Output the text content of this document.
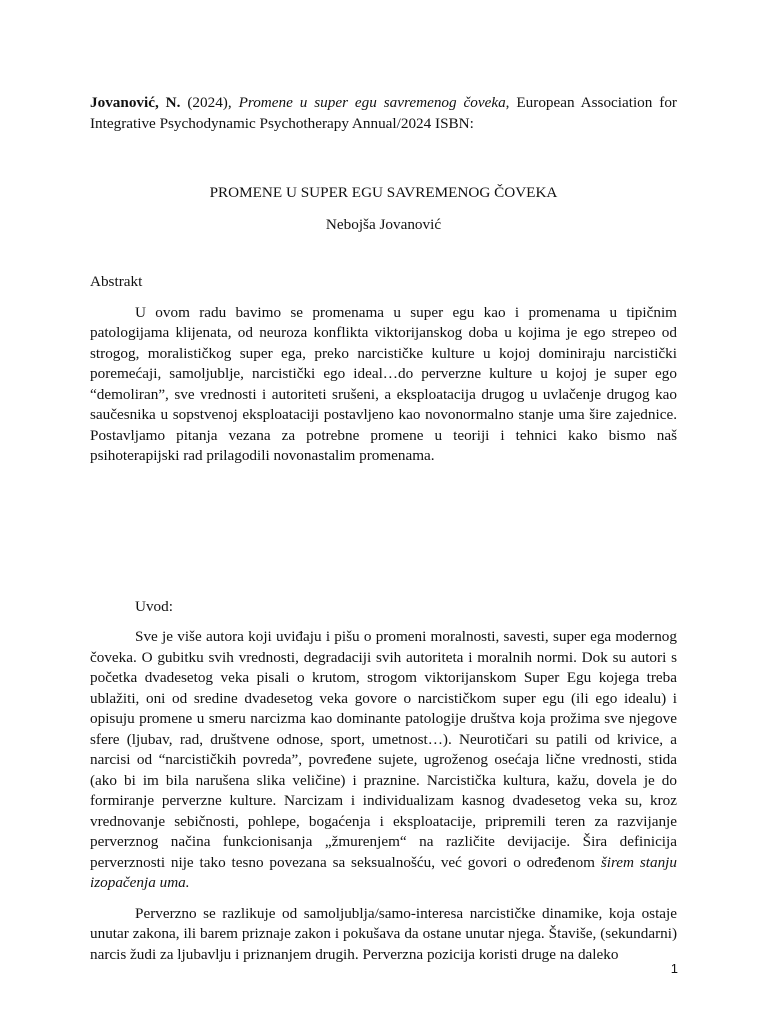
Jovanović, N. (2024), Promene u super egu savremenog čoveka, European Association for Integrative Psychodynamic Psychotherapy Annual/2024 ISBN:

PROMENE U SUPER EGU SAVREMENOG ČOVEKA

Nebojša Jovanović

Abstrakt

U ovom radu bavimo se promenama u super egu kao i promenama u tipičnim patologijama klijenata, od neuroza konflikta viktorijanskog doba u kojima je ego strepeo od strogog, moralističkog super ega, preko narcističke kulture u kojoj dominiraju narcistički poremećaji, samoljubljе, narcistički ego ideal…do perverzne kulture u kojoj je super ego “demoliran”, sve vrednosti i autoriteti srušeni, a eksploatacija drugog u uvlačenje drugog kao saučesnika u sopstvenoj eksploataciji postavljeno kao novonormalno stanje uma šire zajednice. Postavljamo pitanja vezana za potrebne promene u teoriji i tehnici kako bismo naš psihoterapijski rad prilagodili novonastalim promenama.

Uvod:

Sve je više autora koji uviđaju i pišu o promeni moralnosti, savesti, super ega modernog čoveka. O gubitku svih vrednosti, degradaciji svih autoriteta i moralnih normi. Dok su autori s početka dvadesetog veka pisali o krutom, strogom viktorijanskom Super Egu kojega treba ublažiti, oni od sredine dvadesetog veka govore o narcističkom super egu (ili ego idealu) i opisuju promene u smeru narcizma kao dominante patologije društva koja prožima sve njegove sfere (ljubav, rad, društvene odnose, sport, umetnost…). Neurotičari su patili od krivice, a narcisi od “narcističkih povreda”, povređene sujete, ugroženog osećaja lične vrednosti, stida (ako bi im bila narušena slika veličine) i praznine. Narcistička kultura, kažu, dovela je do formiranje perverzne kulture. Narcizam i individualizam kasnog dvadesetog veka su, kroz vrednovanje sebičnosti, pohlepe, bogaćenja i eksploatacije, pripremili teren za razvijanje perverznog načina funkcionisanja „žmurenjem“ na različite devijacije. Šira definicija perverznosti nije tako tesno povezana sa seksualnošću, već govori o određenom širem stanju izopačenja uma.

Perverzno se razlikuje od samoljublja/samo-interesa narcističke dinamike, koja ostaje unutar zakona, ili barem priznaje zakon i pokušava da ostane unutar njega. Štaviše, (sekundarni) narcis žudi za ljubavlju i priznanjem drugih. Perverzna pozicija koristi druge na daleko

1
